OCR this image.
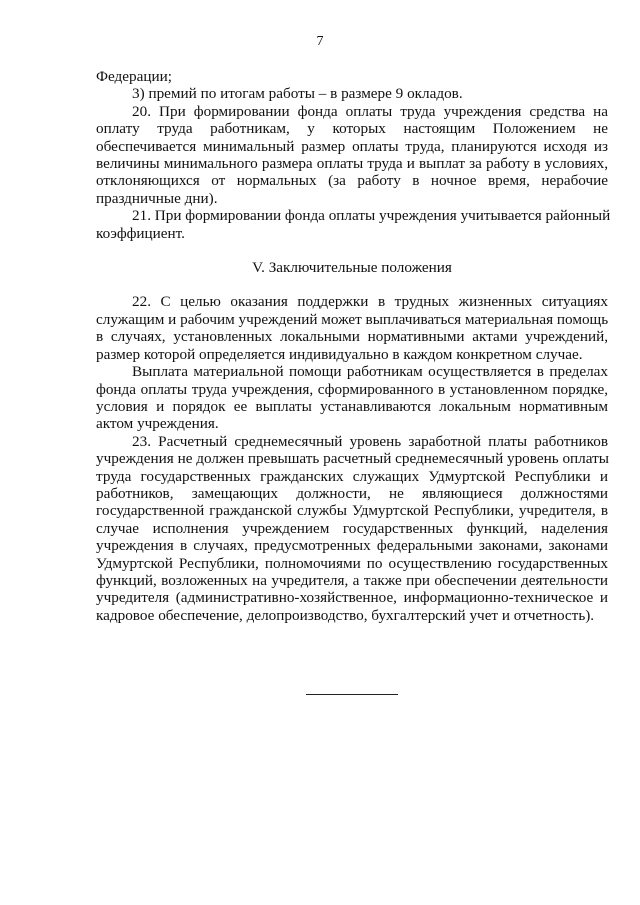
7
Федерации;
3) премий по итогам работы – в размере 9 окладов.
20. При формировании фонда оплаты труда учреждения средства на
оплату труда работникам, у которых настоящим Положением не
обеспечивается минимальный размер оплаты труда, планируются исходя из
величины минимального размера оплаты труда и выплат за работу в условиях,
отклоняющихся от нормальных (за работу в ночное время, нерабочие
праздничные дни).
21. При формировании фонда оплаты учреждения учитывается районный
коэффициент.
V. Заключительные положения
22. С целью оказания поддержки в трудных жизненных ситуациях
служащим и рабочим учреждений может выплачиваться материальная помощь
в случаях, установленных локальными нормативными актами учреждений,
размер которой определяется индивидуально в каждом конкретном случае.
Выплата материальной помощи работникам осуществляется в пределах
фонда оплаты труда учреждения, сформированного в установленном порядке,
условия и порядок ее выплаты устанавливаются локальным нормативным
актом учреждения.
23. Расчетный среднемесячный уровень заработной платы работников
учреждения не должен превышать расчетный среднемесячный уровень оплаты
труда государственных гражданских служащих Удмуртской Республики и
работников, замещающих должности, не являющиеся должностями
государственной гражданской службы Удмуртской Республики, учредителя, в
случае исполнения учреждением государственных функций, наделения
учреждения в случаях, предусмотренных федеральными законами, законами
Удмуртской Республики, полномочиями по осуществлению государственных
функций, возложенных на учредителя, а также при обеспечении деятельности
учредителя (административно-хозяйственное, информационно-техническое и
кадровое обеспечение, делопроизводство, бухгалтерский учет и отчетность).
